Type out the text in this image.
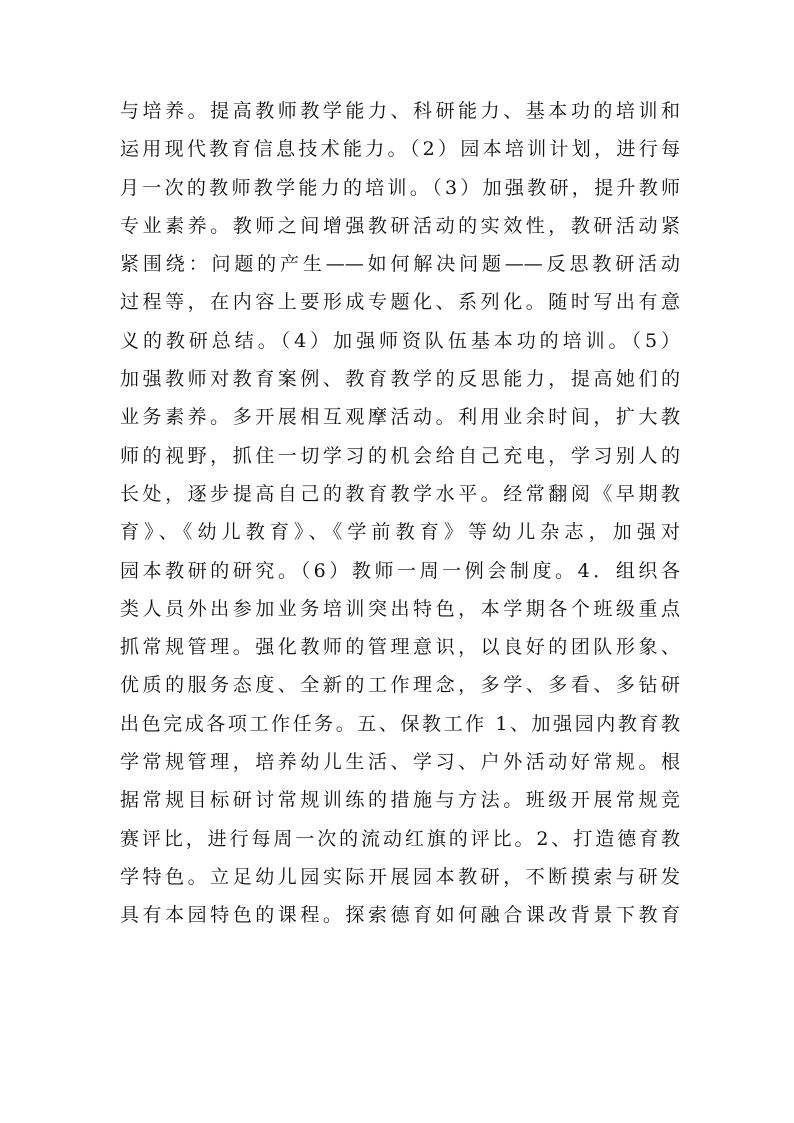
与培养。提高教师教学能力、科研能力、基本功的培训和
运用现代教育信息技术能力。（2）园本培训计划，进行每
月一次的教师教学能力的培训。（3）加强教研，提升教师
专业素养。教师之间增强教研活动的实效性，教研活动紧
紧围绕：问题的产生——如何解决问题——反思教研活动
过程等，在内容上要形成专题化、系列化。随时写出有意
义的教研总结。（4）加强师资队伍基本功的培训。（5）
加强教师对教育案例、教育教学的反思能力，提高她们的
业务素养。多开展相互观摩活动。利用业余时间，扩大教
师的视野，抓住一切学习的机会给自己充电，学习别人的
长处，逐步提高自己的教育教学水平。经常翻阅《早期教
育》、《幼儿教育》、《学前教育》等幼儿杂志，加强对
园本教研的研究。（6）教师一周一例会制度。4．组织各
类人员外出参加业务培训突出特色，本学期各个班级重点
抓常规管理。强化教师的管理意识，以良好的团队形象、
优质的服务态度、全新的工作理念，多学、多看、多钻研
出色完成各项工作任务。五、保教工作 1、加强园内教育教
学常规管理，培养幼儿生活、学习、户外活动好常规。根
据常规目标研讨常规训练的措施与方法。班级开展常规竞
赛评比，进行每周一次的流动红旗的评比。2、打造德育教
学特色。立足幼儿园实际开展园本教研，不断摸索与研发
具有本园特色的课程。探索德育如何融合课改背景下教育
